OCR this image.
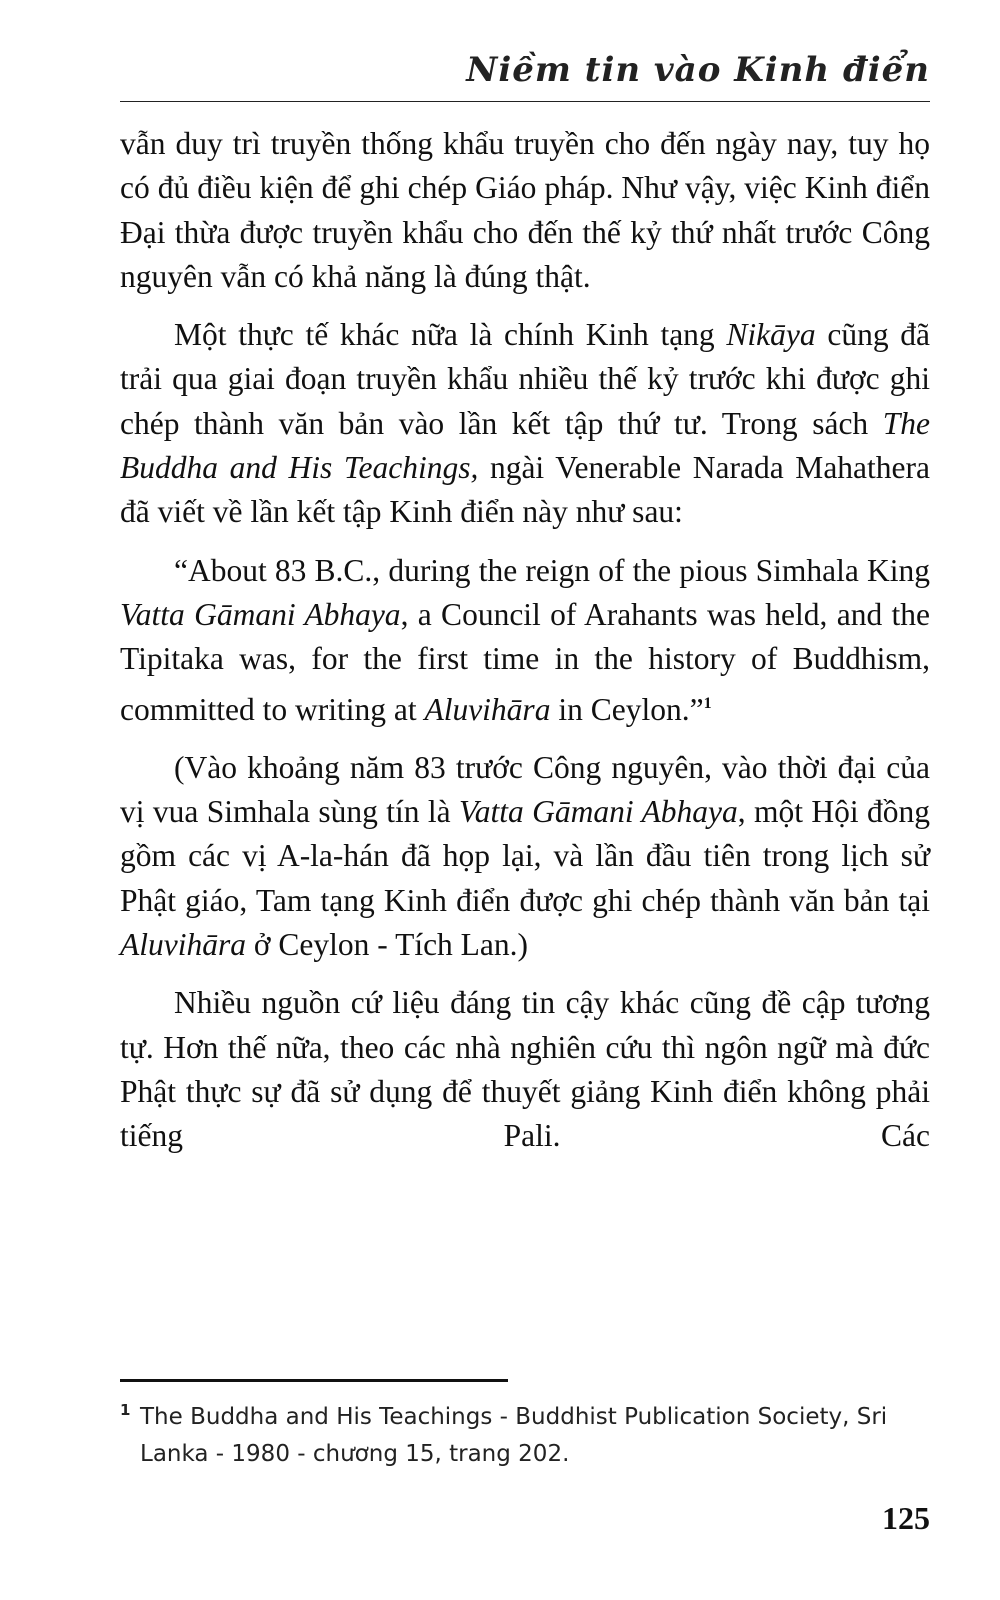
Niềm tin vào Kinh điển

vẫn duy trì truyền thống khẩu truyền cho đến ngày nay, tuy họ có đủ điều kiện để ghi chép Giáo pháp. Như vậy, việc Kinh điển Đại thừa được truyền khẩu cho đến thế kỷ thứ nhất trước Công nguyên vẫn có khả năng là đúng thật.

Một thực tế khác nữa là chính Kinh tạng Nikāya cũng đã trải qua giai đoạn truyền khẩu nhiều thế kỷ trước khi được ghi chép thành văn bản vào lần kết tập thứ tư. Trong sách The Buddha and His Teachings, ngài Venerable Narada Mahathera đã viết về lần kết tập Kinh điển này như sau:

“About 83 B.C., during the reign of the pious Simhala King Vatta Gāmani Abhaya, a Council of Arahants was held, and the Tipitaka was, for the first time in the history of Buddhism, committed to writing at Aluvihāra in Ceylon.”$^1$

(Vào khoảng năm 83 trước Công nguyên, vào thời đại của vị vua Simhala sùng tín là Vatta Gāmani Abhaya, một Hội đồng gồm các vị A-la-hán đã họp lại, và lần đầu tiên trong lịch sử Phật giáo, Tam tạng Kinh điển được ghi chép thành văn bản tại Aluvihāra ở Ceylon - Tích Lan.)

Nhiều nguồn cứ liệu đáng tin cậy khác cũng đề cập tương tự. Hơn thế nữa, theo các nhà nghiên cứu thì ngôn ngữ mà đức Phật thực sự đã sử dụng để thuyết giảng Kinh điển không phải tiếng Pali. Các

1 The Buddha and His Teachings - Buddhist Publication Society, Sri Lanka - 1980 - chương 15, trang 202.
125
